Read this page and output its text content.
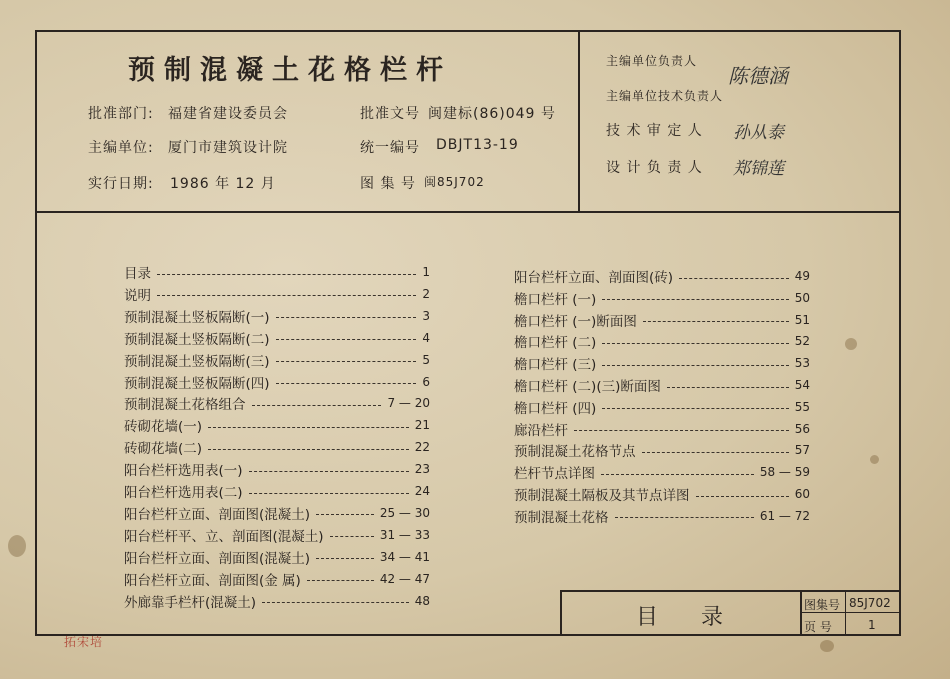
预制混凝土花格栏杆
批准部门: 福建省建设委员会	批准文号 闽建标(86)049 号
主编单位: 厦门市建筑设计院	统一编号 DBJT13-19
实行日期: 1986 年 12 月	图 集 号 闽85J702
主编单位负责人
陈德涵
主编单位技术负责人
技 术 审 定 人 孙从泰
设 计 负 责 人 郑锦莲
目录	1
说明	2
预制混凝土竖板隔断(一)	3
预制混凝土竖板隔断(二)	4
预制混凝土竖板隔断(三)	5
预制混凝土竖板隔断(四)	6
预制混凝土花格组合	7 — 20
砖砌花墙(一)	21
砖砌花墙(二)	22
阳台栏杆选用表(一)	23
阳台栏杆选用表(二)	24
阳台栏杆立面、剖面图(混凝土)	25 — 30
阳台栏杆平、立、剖面图(混凝土)	31 — 33
阳台栏杆立面、剖面图(混凝土)	34 — 41
阳台栏杆立面、剖面图(金 属)	42 — 47
外廊靠手栏杆(混凝土)	48
阳台栏杆立面、剖面图(砖)	49
檐口栏杆 (一)	50
檐口栏杆 (一)断面图	51
檐口栏杆 (二)	52
檐口栏杆 (三)	53
檐口栏杆 (二)(三)断面图	54
檐口栏杆 (四)	55
廊沿栏杆	56
预制混凝土花格节点	57
栏杆节点详图	58 — 59
预制混凝土隔板及其节点详图	60
预制混凝土花格	61 — 72
目 录	图集号 85J702
页 号	1
拓宋培
